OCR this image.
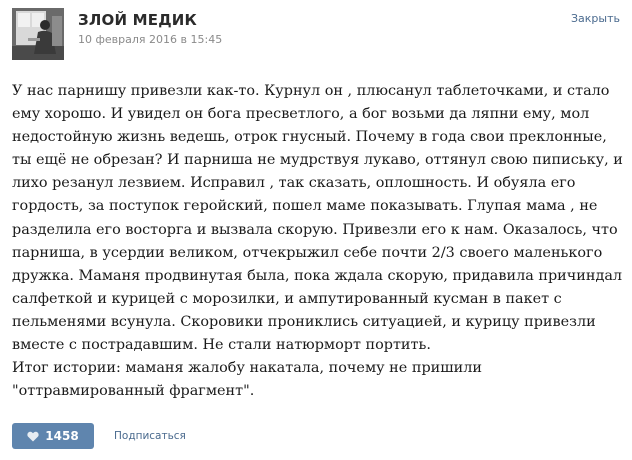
ЗЛОЙ МЕДИК
10 февраля 2016 в 15:45
Закрыть
У нас парнишу привезли как-то. Курнул он , плюсанул таблеточками, и стало
ему хорошо. И увидел он бога пресветлого, а бог возьми да ляпни ему, мол
недостойную жизнь ведешь, отрок гнусный. Почему в года свои преклонные,
ты ещё не обрезан? И парниша не мудрствуя лукаво, оттянул свою пипиську, и
лихо резанул лезвием. Исправил , так сказать, оплошность. И обуяла его
гордость, за поступок геройский, пошел маме показывать. Глупая мама , не
разделила его восторга и вызвала скорую. Привезли его к нам. Оказалось, что
парниша, в усердии великом, отчекрыжил себе почти 2/3 своего маленького
дружка. Маманя продвинутая была, пока ждала скорую, придавила причиндал
салфеткой и курицей с морозилки, и ампутированный кусман в пакет с
пельменями всунула. Скоровики прониклись ситуацией, и курицу привезли
вместе с пострадавшим. Не стали натюрморт портить.
Итог истории: маманя жалобу накатала, почему не пришили
"оттравмированный фрагмент".
1458	Подписаться
